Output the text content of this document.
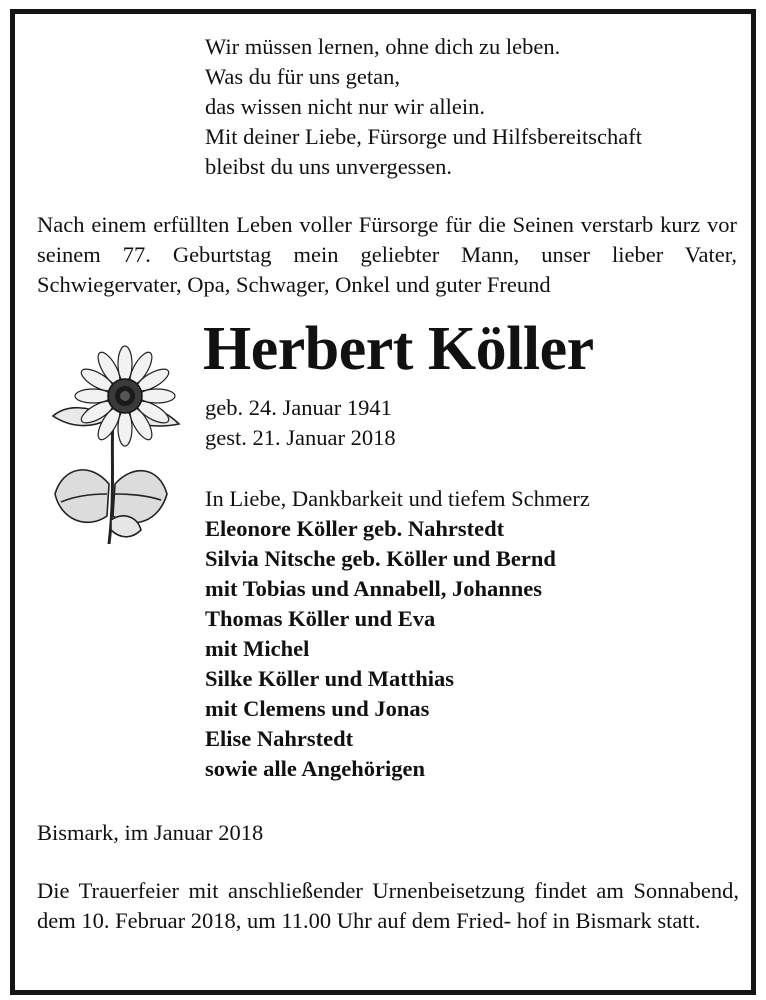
Wir müssen lernen, ohne dich zu leben.
Was du für uns getan,
das wissen nicht nur wir allein.
Mit deiner Liebe, Fürsorge und Hilfsbereitschaft
bleibst du uns unvergessen.

Nach einem erfüllten Leben voller Fürsorge für die Seinen verstarb kurz vor seinem 77. Geburtstag mein geliebter Mann, unser lieber Vater, Schwiegervater, Opa, Schwager, Onkel und guter Freund

Herbert Köller

geb. 24. Januar 1941
gest. 21. Januar 2018

In Liebe, Dankbarkeit und tiefem Schmerz
Eleonore Köller geb. Nahrstedt
Silvia Nitsche geb. Köller und Bernd
mit Tobias und Annabell, Johannes
Thomas Köller und Eva
mit Michel
Silke Köller und Matthias
mit Clemens und Jonas
Elise Nahrstedt
sowie alle Angehörigen

Bismark, im Januar 2018

Die Trauerfeier mit anschließender Urnenbeisetzung findet am Sonnabend, dem 10. Februar 2018, um 11.00 Uhr auf dem Fried- hof in Bismark statt.
